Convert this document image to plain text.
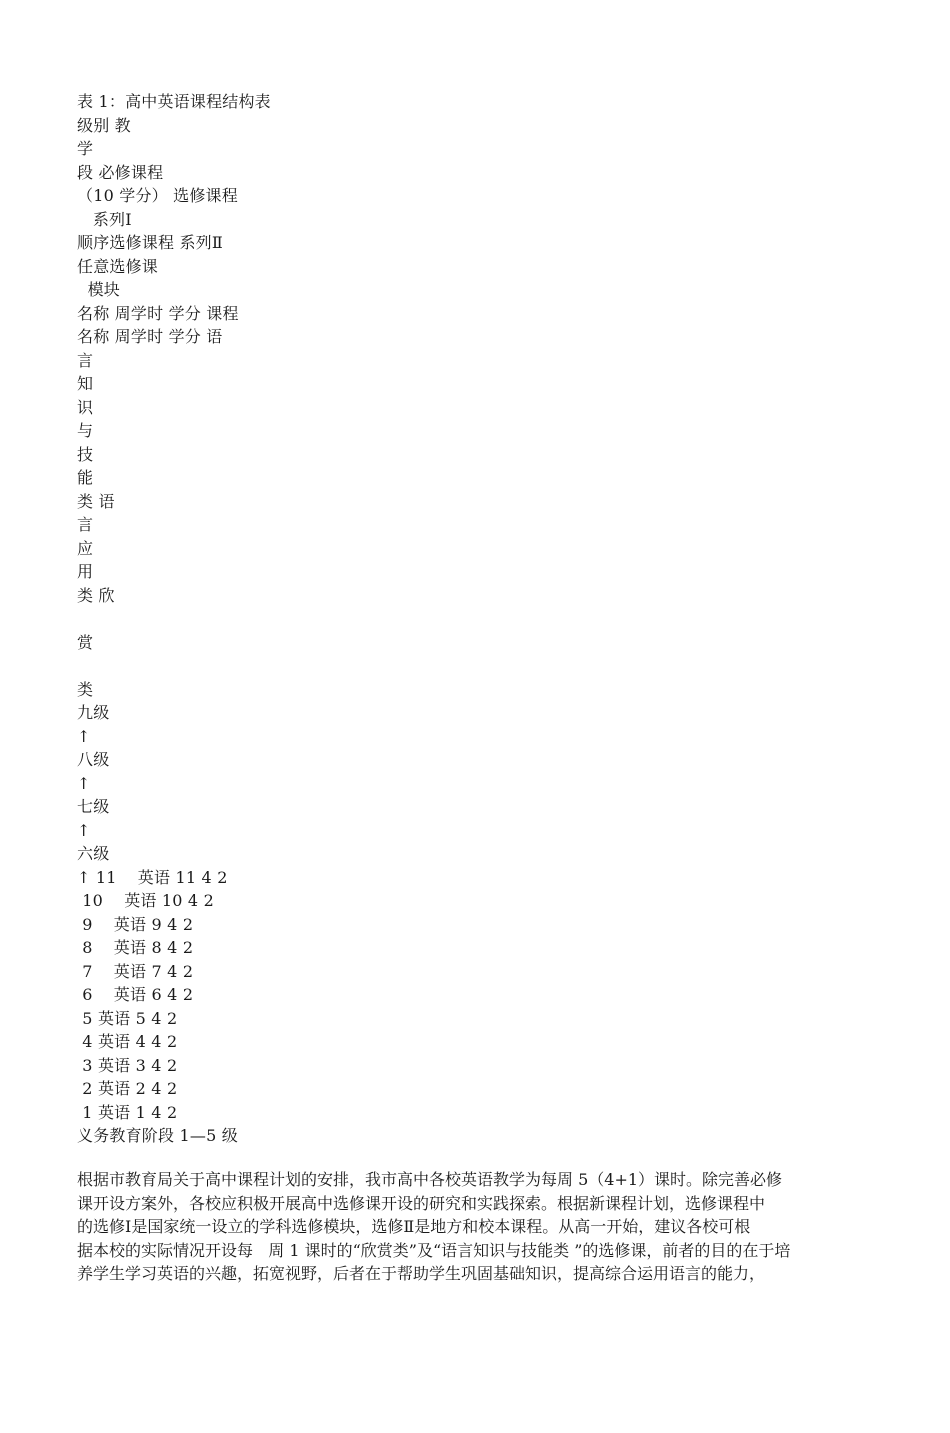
表 1：高中英语课程结构表
级别 教
学
段 必修课程
（10 学分） 选修课程
系列Ⅰ
顺序选修课程 系列Ⅱ
任意选修课
模块
名称 周学时 学分 课程
名称 周学时 学分 语
言
知
识
与
技
能
类 语
言
应
用
类 欣
赏
类
九级
↑
八级
↑
七级
↑
六级
↑ 11    英语 11 4 2
10    英语 10 4 2
9    英语 9 4 2
8    英语 8 4 2
7    英语 7 4 2
6    英语 6 4 2
5 英语 5 4 2
4 英语 4 4 2
3 英语 3 4 2
2 英语 2 4 2
1 英语 1 4 2
义务教育阶段 1—5 级
根据市教育局关于高中课程计划的安排，我市高中各校英语教学为每周 5（4+1）课时。除完善必修
课开设方案外，各校应积极开展高中选修课开设的研究和实践探索。根据新课程计划，选修课程中
的选修Ⅰ是国家统一设立的学科选修模块，选修Ⅱ是地方和校本课程。从高一开始，建议各校可根
据本校的实际情况开设每   周 1 课时的“欣赏类”及“语言知识与技能类 ”的选修课，前者的目的在于培
养学生学习英语的兴趣，拓宽视野，后者在于帮助学生巩固基础知识，提高综合运用语言的能力，
